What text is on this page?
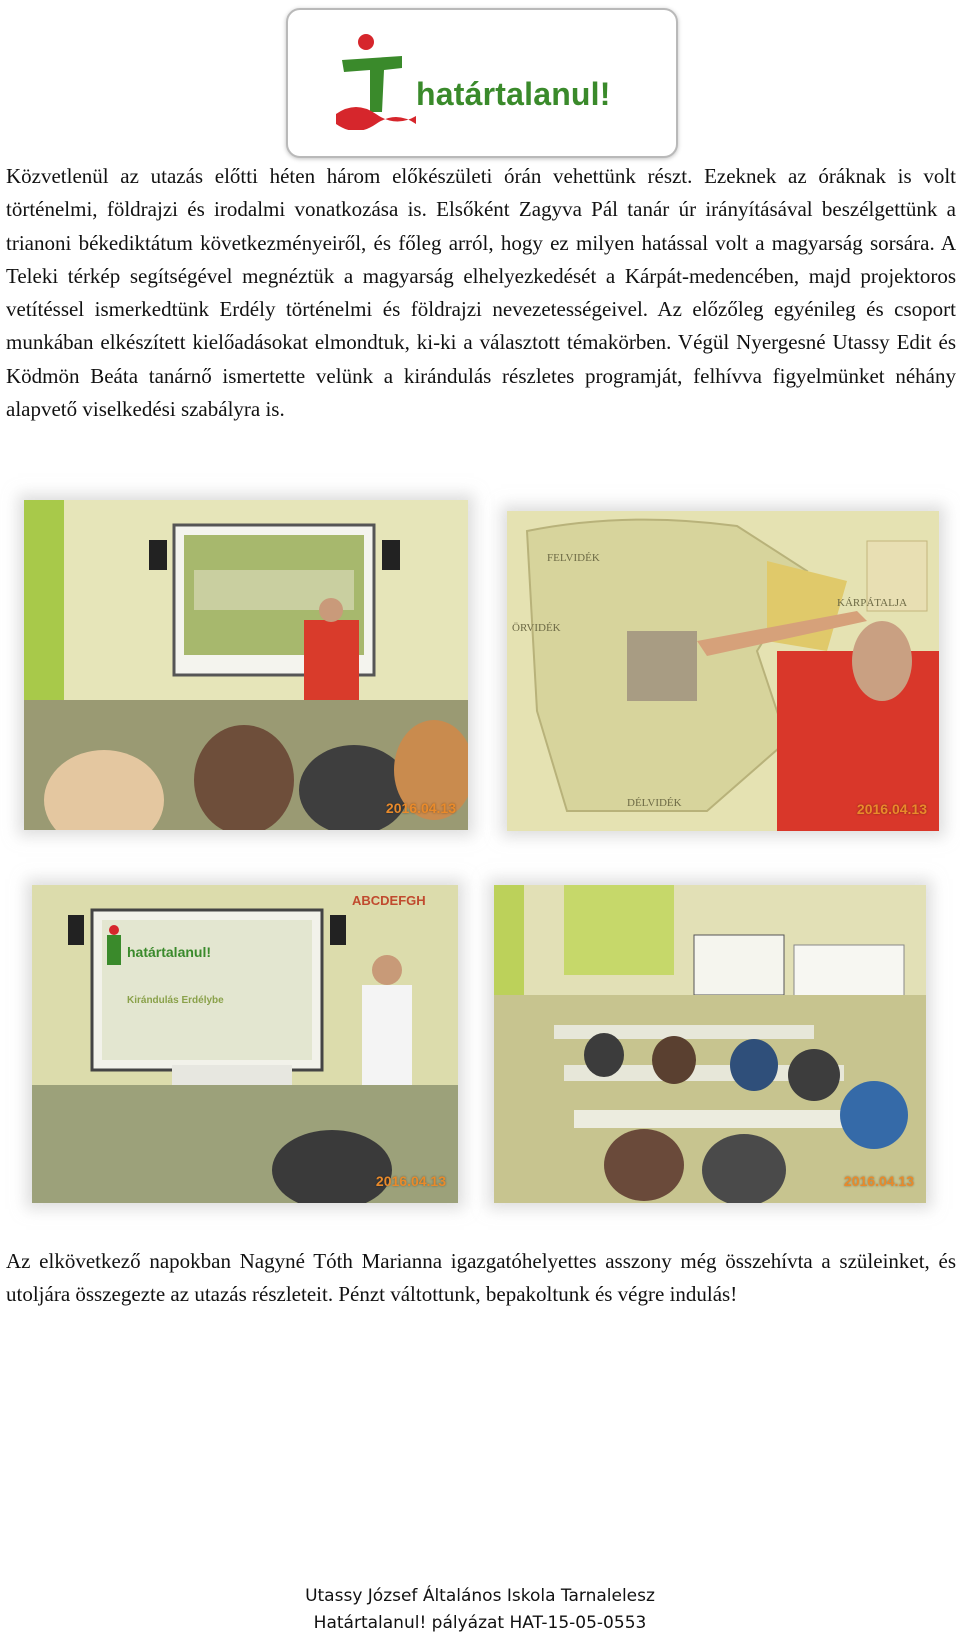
határtalanul!

Közvetlenül az utazás előtti héten három előkészületi órán vehettünk részt. Ezeknek az óráknak is volt történelmi, földrajzi és irodalmi vonatkozása is. Elsőként Zagyva Pál tanár úr irányításával beszélgettünk a trianoni békediktátum következményeiről, és főleg arról, hogy ez milyen hatással volt a magyarság sorsára. A Teleki térkép segítségével megnéztük a magyarság elhelyezkedését a Kárpát-medencében, majd projektoros vetítéssel ismerkedtünk Erdély történelmi és földrajzi nevezetességeivel. Az előzőleg egyénileg és csoport munkában elkészített kielőadásokat elmondtuk, ki-ki a választott témakörben. Végül Nyergesné Utassy Edit és Ködmön Beáta tanárnő ismertette velünk a kirándulás részletes programját, felhívva figyelmünket néhány alapvető viselkedési szabályra is.

2016.04.13
FELVIDÉK
KÁRPÁTALJA
ÖRVIDÉK
DÉLVIDÉK	2016.04.13
határtalanul!
Kirándulás Erdélybe
ABCDEFGH
2016.04.13	2016.04.13

Az elkövetkező napokban Nagyné Tóth Marianna igazgatóhelyettes asszony még összehívta a szüleinket, és utoljára összegezte az utazás részleteit. Pénzt váltottunk, bepakoltunk és végre indulás!

Utassy József Általános Iskola Tarnalelesz
Határtalanul! pályázat HAT-15-05-0553
